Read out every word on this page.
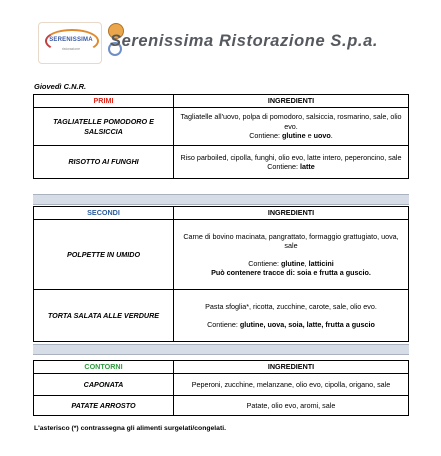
SERENISSIMA
ristorazione	Serenissima Ristorazione S.p.a.
Giovedì C.N.R.
PRIMI	INGREDIENTI
TAGLIATELLE POMODORO E SALSICCIA	Tagliatelle all'uovo, polpa di pomodoro, salsiccia, rosmarino, sale, olio evo.
Contiene: glutine e uovo.

RISOTTO AI FUNGHI	Riso parboiled, cipolla, funghi, olio evo, latte intero, peperoncino, sale
Contiene: latte
SECONDI	INGREDIENTI
POLPETTE IN UMIDO	Carne di bovino macinata, pangrattato, formaggio grattugiato, uova, sale
Contiene: glutine, latticini
Può contenere tracce di: soia e frutta a guscio.

TORTA SALATA ALLE VERDURE	Pasta sfoglia*, ricotta, zucchine, carote, sale, olio evo.
Contiene: glutine, uova, soia, latte, frutta a guscio
CONTORNI	INGREDIENTI
CAPONATA	Peperoni, zucchine, melanzane, olio evo, cipolla, origano, sale
PATATE ARROSTO	Patate, olio evo, aromi, sale
L'asterisco (*) contrassegna gli alimenti surgelati/congelati.
